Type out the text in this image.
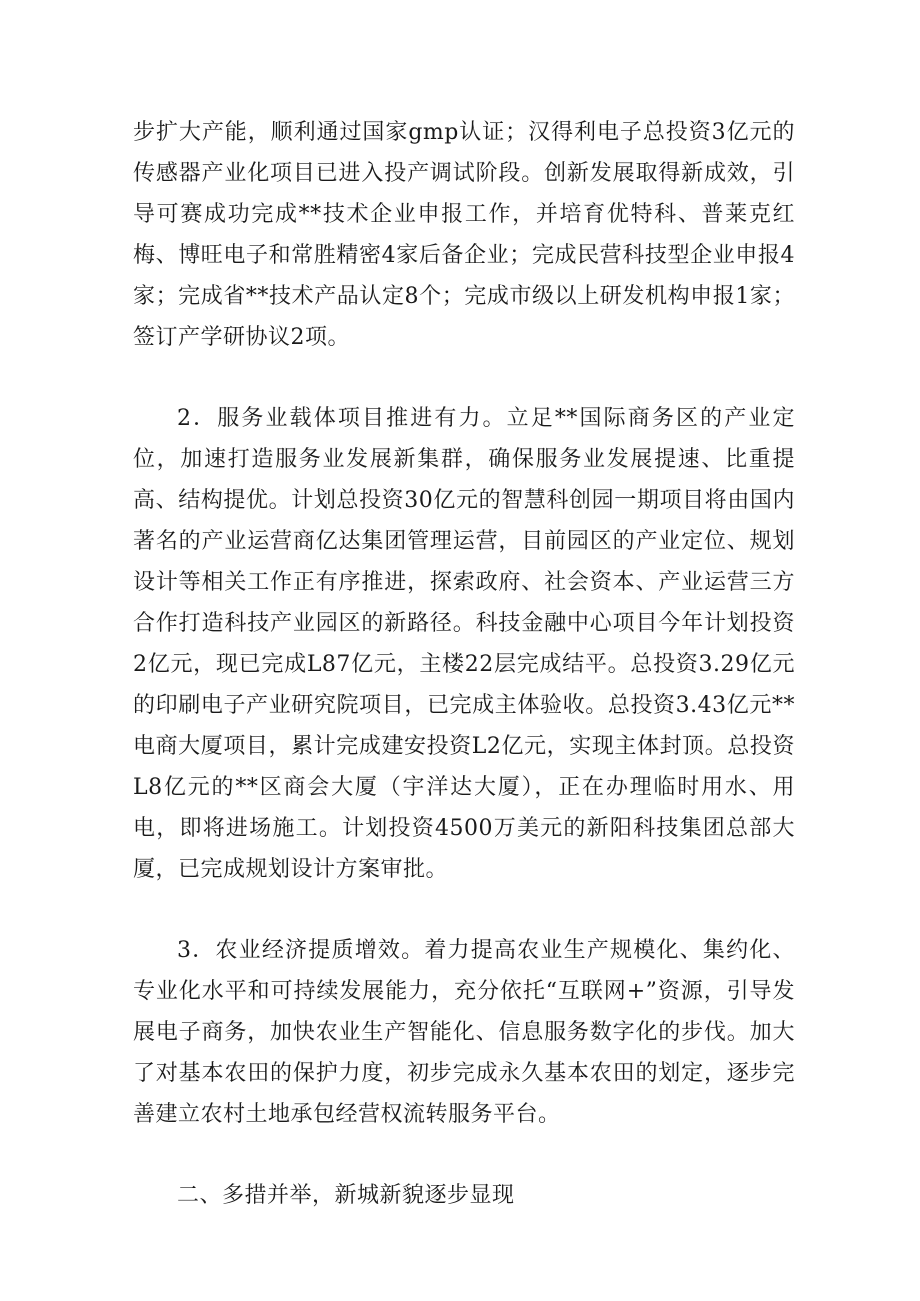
步扩大产能，顺利通过国家gmp认证；汉得利电子总投资3亿元的传感器产业化项目已进入投产调试阶段。创新发展取得新成效，引导可赛成功完成**技术企业申报工作，并培育优特科、普莱克红梅、博旺电子和常胜精密4家后备企业；完成民营科技型企业申报4家；完成省**技术产品认定8个；完成市级以上研发机构申报1家；签订产学研协议2项。

2．服务业载体项目推进有力。立足**国际商务区的产业定位，加速打造服务业发展新集群，确保服务业发展提速、比重提高、结构提优。计划总投资30亿元的智慧科创园一期项目将由国内著名的产业运营商亿达集团管理运营，目前园区的产业定位、规划设计等相关工作正有序推进，探索政府、社会资本、产业运营三方合作打造科技产业园区的新路径。科技金融中心项目今年计划投资2亿元，现已完成L87亿元，主楼22层完成结平。总投资3.29亿元的印刷电子产业研究院项目，已完成主体验收。总投资3.43亿元**电商大厦项目，累计完成建安投资L2亿元，实现主体封顶。总投资L8亿元的**区商会大厦（宇洋达大厦），正在办理临时用水、用电，即将进场施工。计划投资4500万美元的新阳科技集团总部大厦，已完成规划设计方案审批。

3．农业经济提质增效。着力提高农业生产规模化、集约化、专业化水平和可持续发展能力，充分依托“互联网+”资源，引导发展电子商务，加快农业生产智能化、信息服务数字化的步伐。加大了对基本农田的保护力度，初步完成永久基本农田的划定，逐步完善建立农村土地承包经营权流转服务平台。

二、多措并举，新城新貌逐步显现
